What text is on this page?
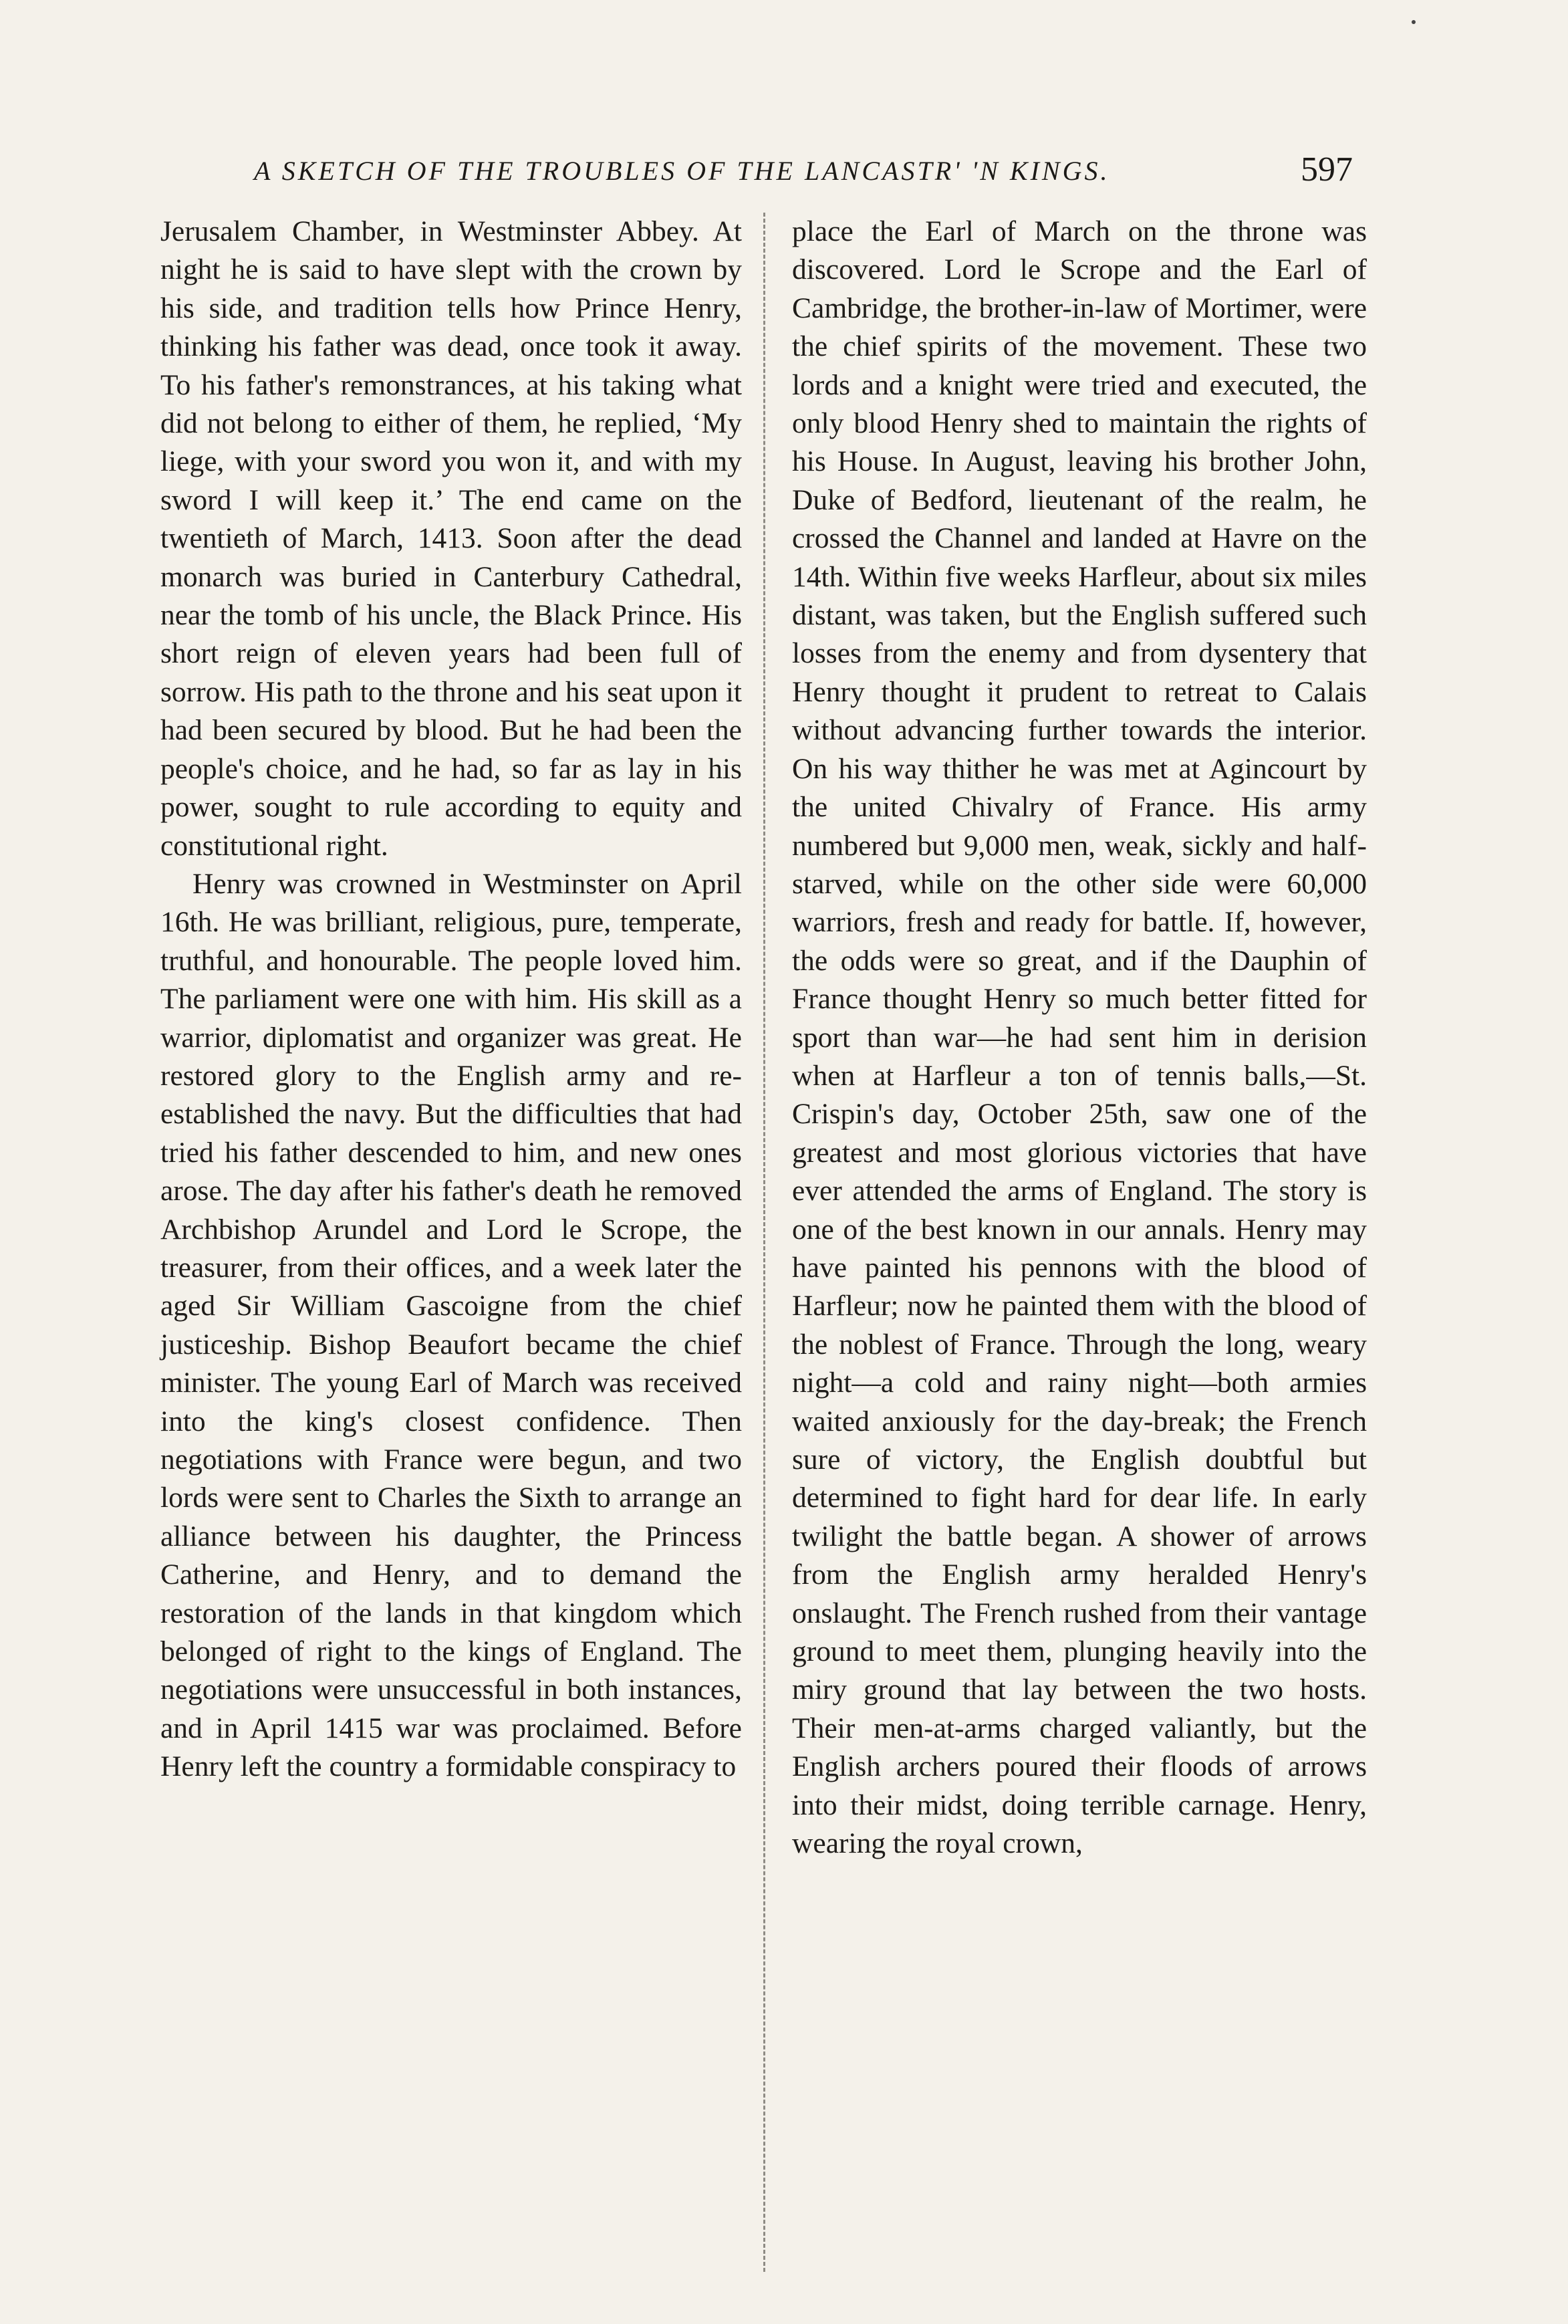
A SKETCH OF THE TROUBLES OF THE LANCASTR' 'N KINGS.	597

Jerusalem Chamber, in Westminster Abbey. At night he is said to have slept with the crown by his side, and tradition tells how Prince Henry, thinking his father was dead, once took it away. To his father's remonstrances, at his taking what did not belong to either of them, he replied, ‘My liege, with your sword you won it, and with my sword I will keep it.’ The end came on the twentieth of March, 1413. Soon after the dead monarch was buried in Canterbury Cathedral, near the tomb of his uncle, the Black Prince. His short reign of eleven years had been full of sorrow. His path to the throne and his seat upon it had been secured by blood. But he had been the people's choice, and he had, so far as lay in his power, sought to rule according to equity and constitutional right.

Henry was crowned in Westminster on April 16th. He was brilliant, religious, pure, temperate, truthful, and honourable. The people loved him. The parliament were one with him. His skill as a warrior, diplomatist and organizer was great. He restored glory to the English army and re-established the navy. But the difficulties that had tried his father descended to him, and new ones arose. The day after his father's death he removed Archbishop Arundel and Lord le Scrope, the treasurer, from their offices, and a week later the aged Sir William Gascoigne from the chief justiceship. Bishop Beaufort became the chief minister. The young Earl of March was received into the king's closest confidence. Then negotiations with France were begun, and two lords were sent to Charles the Sixth to arrange an alliance between his daughter, the Princess Catherine, and Henry, and to demand the restoration of the lands in that kingdom which belonged of right to the kings of England. The negotiations were unsuccessful in both instances, and in April 1415 war was proclaimed. Before Henry left the country a formidable conspiracy to

place the Earl of March on the throne was discovered. Lord le Scrope and the Earl of Cambridge, the brother-in-law of Mortimer, were the chief spirits of the movement. These two lords and a knight were tried and executed, the only blood Henry shed to maintain the rights of his House. In August, leaving his brother John, Duke of Bedford, lieutenant of the realm, he crossed the Channel and landed at Havre on the 14th. Within five weeks Harfleur, about six miles distant, was taken, but the English suffered such losses from the enemy and from dysentery that Henry thought it prudent to retreat to Calais without advancing further towards the interior. On his way thither he was met at Agincourt by the united Chivalry of France. His army numbered but 9,000 men, weak, sickly and half-starved, while on the other side were 60,000 warriors, fresh and ready for battle. If, however, the odds were so great, and if the Dauphin of France thought Henry so much better fitted for sport than war—he had sent him in derision when at Harfleur a ton of tennis balls,—St. Crispin's day, October 25th, saw one of the greatest and most glorious victories that have ever attended the arms of England. The story is one of the best known in our annals. Henry may have painted his pennons with the blood of Harfleur; now he painted them with the blood of the noblest of France. Through the long, weary night—a cold and rainy night—both armies waited anxiously for the day-break; the French sure of victory, the English doubtful but determined to fight hard for dear life. In early twilight the battle began. A shower of arrows from the English army heralded Henry's onslaught. The French rushed from their vantage ground to meet them, plunging heavily into the miry ground that lay between the two hosts. Their men-at-arms charged valiantly, but the English archers poured their floods of arrows into their midst, doing terrible carnage. Henry, wearing the royal crown,
